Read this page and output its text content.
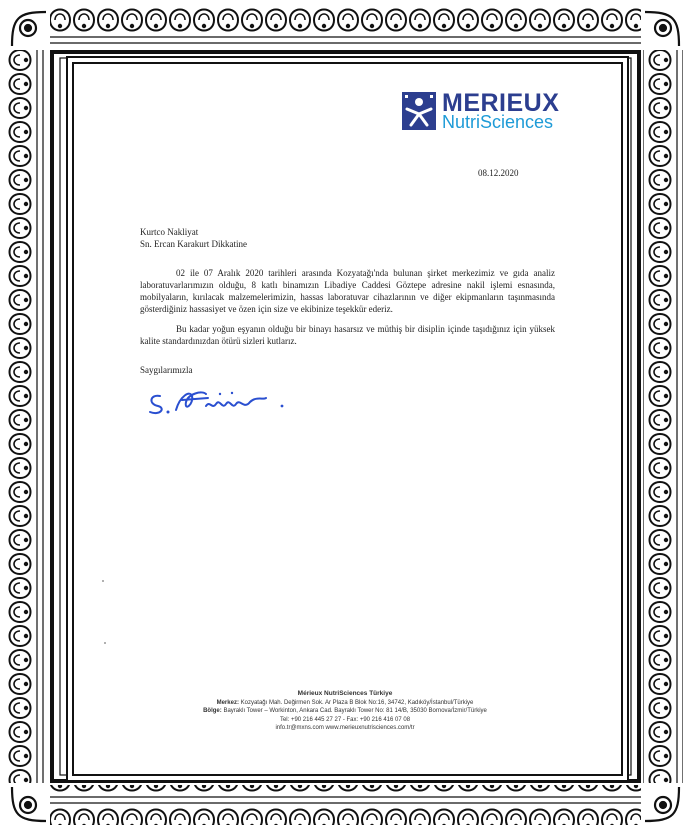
MERIEUX
NutriSciences
08.12.2020
Kurtco Nakliyat
Sn. Ercan Karakurt Dikkatine

02 ile 07 Aralık 2020 tarihleri arasında Kozyatağı'nda bulunan şirket merkezimiz ve gıda analiz laboratuvarlarımızın olduğu, 8 katlı binamızın Libadiye Caddesi Göztepe adresine nakil işlemi esnasında, mobilyaların, kırılacak malzemelerimizin, hassas laboratuvar cihazlarının ve diğer ekipmanların taşınmasında gösterdiğiniz hassasiyet ve özen için size ve ekibinize teşekkür ederiz.

Bu kadar yoğun eşyanın olduğu bir binayı hasarsız ve müthiş bir disiplin içinde taşıdığınız için yüksek kalite standardınızdan ötürü sizleri kutlarız.

Saygılarımızla
Mérieux NutriSciences Türkiye
Merkez: Kozyatağı Mah. Değirmen Sok. Ar Plaza B Blok No:16, 34742, Kadıköy/İstanbul/Türkiye
Bölge: Bayraklı Tower – Workinton, Ankara Cad. Bayraklı Tower No: 81 14/B, 35030 Bornova/İzmir/Türkiye
Tel: +90 216 445 27 27 - Fax: +90 216 416 07 08
info.tr@mxns.com www.merieuxnutrisciences.com/tr
